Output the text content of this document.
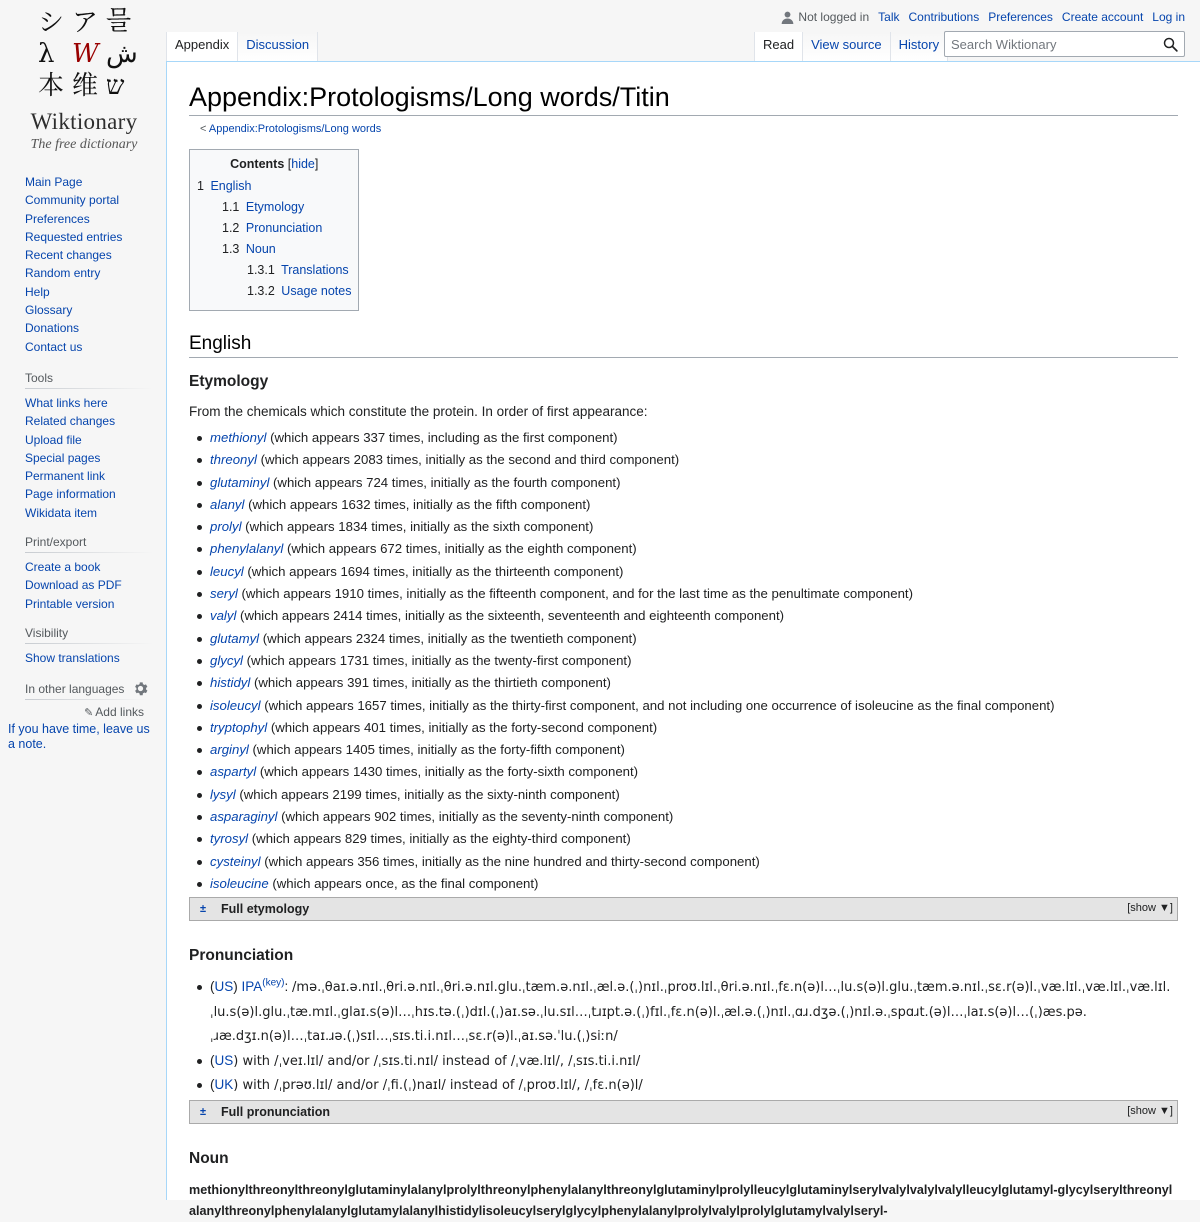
シ ア 믈
λ W ش
本 维 ש
Wiktionary
The free dictionary
Main Page
Community portal
Preferences
Requested entries
Recent changes
Random entry
Help
Glossary
Donations
Contact us
Tools
What links here
Related changes
Upload file
Special pages
Permanent link
Page information
Wikidata item
Print/export
Create a book
Download as PDF
Printable version
Visibility
Show translations
In other languages
✎ Add links
If you have time, leave us a note.
Not logged in Talk Contributions Preferences Create account Log in
Appendix	Discussion	Read	View source	History
Search Wiktionary
Appendix:Protologisms/Long words/Titin
< Appendix:Protologisms/Long words
Contents [hide]
1 English
1.1 Etymology
1.2 Pronunciation
1.3 Noun
1.3.1 Translations
1.3.2 Usage notes
English
Etymology

From the chemicals which constitute the protein. In order of first appearance:

methionyl (which appears 337 times, including as the first component)
threonyl (which appears 2083 times, initially as the second and third component)
glutaminyl (which appears 724 times, initially as the fourth component)
alanyl (which appears 1632 times, initially as the fifth component)
prolyl (which appears 1834 times, initially as the sixth component)
phenylalanyl (which appears 672 times, initially as the eighth component)
leucyl (which appears 1694 times, initially as the thirteenth component)
seryl (which appears 1910 times, initially as the fifteenth component, and for the last time as the penultimate component)
valyl (which appears 2414 times, initially as the sixteenth, seventeenth and eighteenth component)
glutamyl (which appears 2324 times, initially as the twentieth component)
glycyl (which appears 1731 times, initially as the twenty-first component)
histidyl (which appears 391 times, initially as the thirtieth component)
isoleucyl (which appears 1657 times, initially as the thirty-first component, and not including one occurrence of isoleucine as the final component)
tryptophyl (which appears 401 times, initially as the forty-second component)
arginyl (which appears 1405 times, initially as the forty-fifth component)
aspartyl (which appears 1430 times, initially as the forty-sixth component)
lysyl (which appears 2199 times, initially as the sixty-ninth component)
asparaginyl (which appears 902 times, initially as the seventy-ninth component)
tyrosyl (which appears 829 times, initially as the eighty-third component)
cysteinyl (which appears 356 times, initially as the nine hundred and thirty-second component)
isoleucine (which appears once, as the final component)
± Full etymology	[show ▼]
Pronunciation
(US) $IPA^{(key)}$: /mə.ˌθaɪ.ə.nɪl.ˌθri.ə.nɪl.ˌθri.ə.nɪl.glu.ˌtæm.ə.nɪl.ˌæl.ə.(ˌ)nɪl.ˌproʊ.lɪl.ˌθri.ə.nɪl.ˌfɛ.n(ə)l…ˌlu.s(ə)l.glu.ˌtæm.ə.nɪl.ˌsɛ.r(ə)l.ˌvæ.lɪl.ˌvæ.lɪl.ˌvæ.lɪl.ˌlu.s(ə)l.glu.ˌtæ.mɪl.ˌglaɪ.s(ə)l…ˌhɪs.tə.(ˌ)dɪl.(ˌ)aɪ.sə.ˌlu.sɪl…ˌtɹɪpt.ə.(ˌ)fɪl.ˌfɛ.n(ə)l.ˌæl.ə.(ˌ)nɪl.ˌɑɹ.dʒə.(ˌ)nɪl.ə.ˌspɑɹt.(ə)l…ˌlaɪ.s(ə)l…(ˌ)æs.pə.ˌɹæ.dʒɪ.n(ə)l…ˌtaɪ.ɹə.(ˌ)sɪl…ˌsɪs.ti.i.nɪl…ˌsɛ.r(ə)l.ˌaɪ.sə.ˈlu.(ˌ)siːn/
(US) with /ˌveɪ.lɪl/ and/or /ˌsɪs.ti.nɪl/ instead of /ˌvæ.lɪl/, /ˌsɪs.ti.i.nɪl/
(UK) with /ˌprəʊ.lɪl/ and/or /ˌfi.(ˌ)naɪl/ instead of /ˌproʊ.lɪl/, /ˌfɛ.n(ə)l/
± Full pronunciation	[show ▼]
Noun
methionylthreonylthreonylglutaminylalanylprolylthreonylphenylalanylthreonylglutaminylprolylleucylglutaminylserylvalylvalylvalylleucylglutamyl-glycylserylthreonylalanylthreonylphenylalanylglutamylalanylhistidylisoleucylserylglycylphenylalanylprolylvalylprolylglutamylvalylseryl-
